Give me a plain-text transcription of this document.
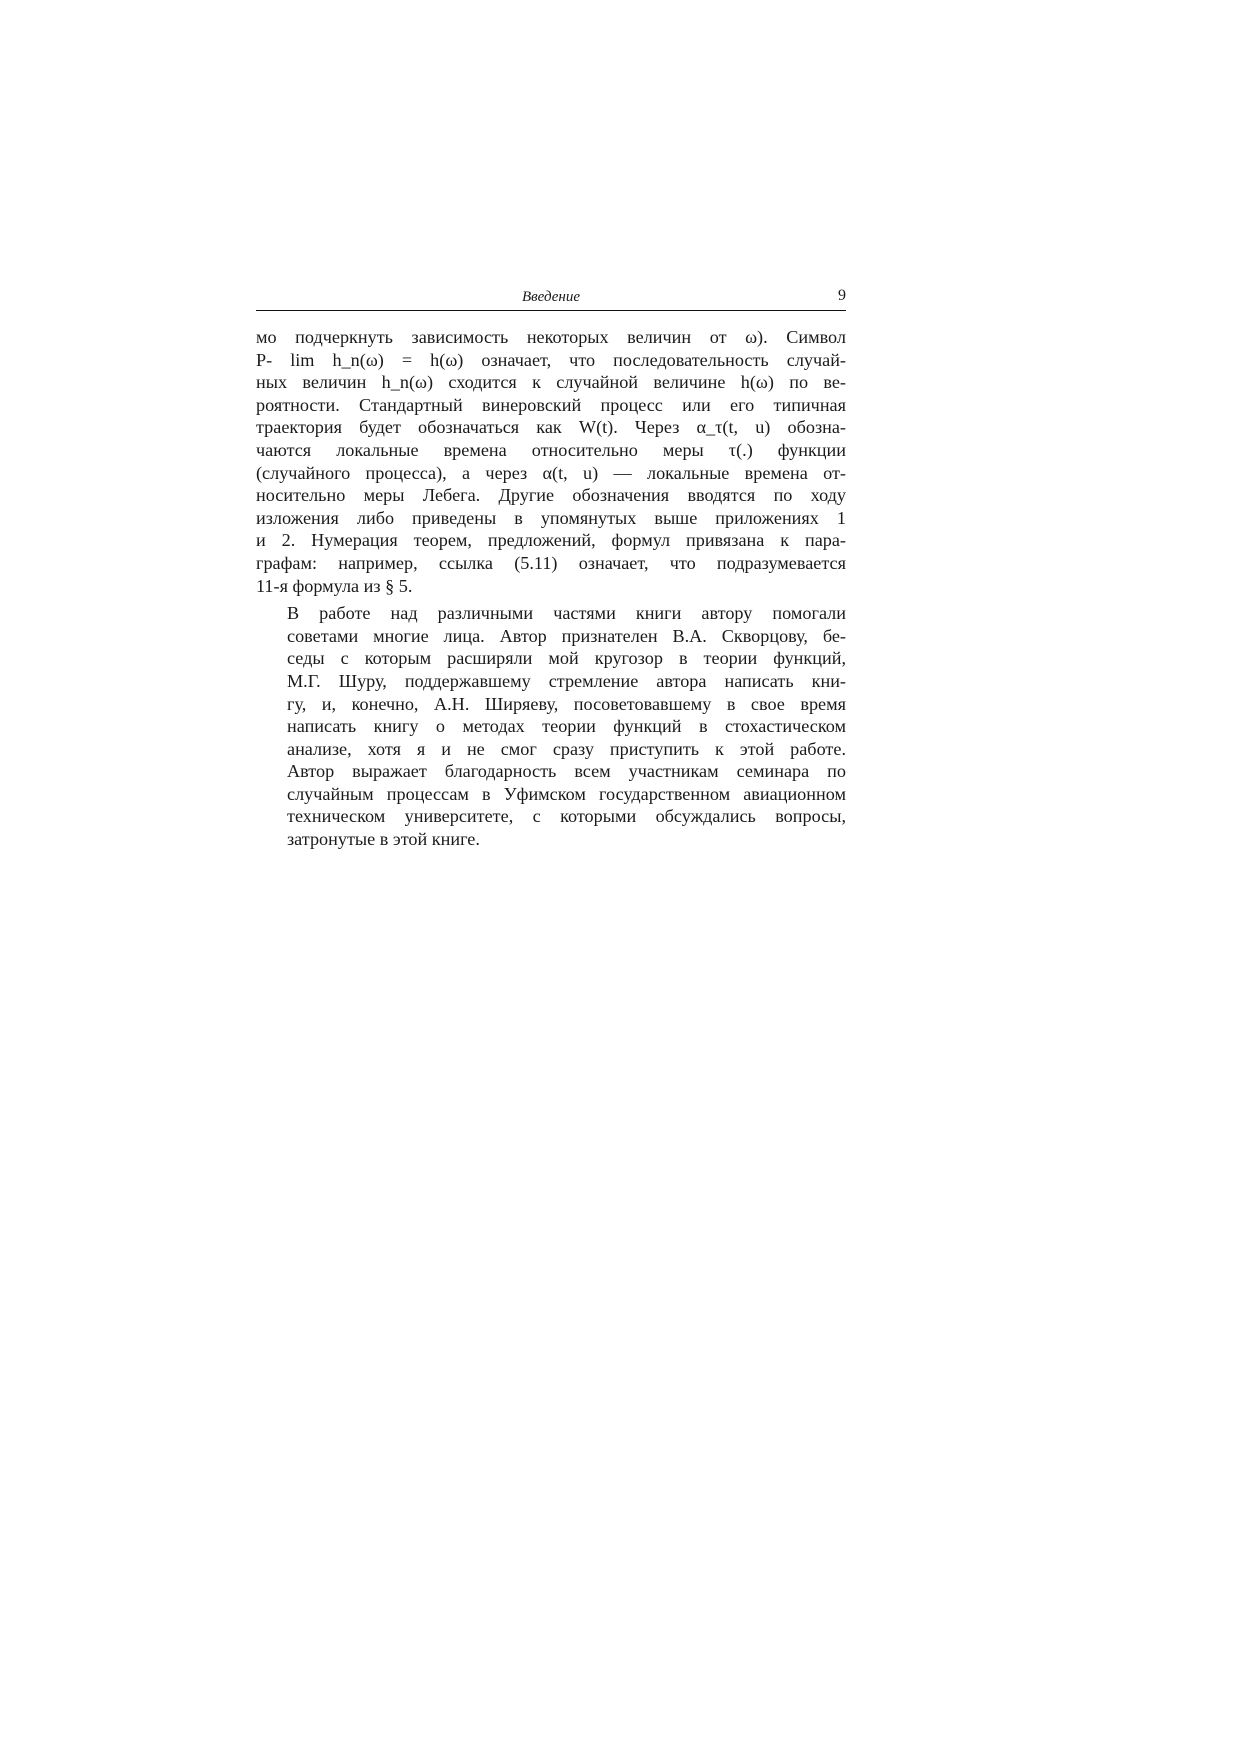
Введение	9

мо подчеркнуть зависимость некоторых величин от ω). Символ
P- lim h_n(ω) = h(ω) означает, что последовательность случай-
ных величин h_n(ω) сходится к случайной величине h(ω) по ве-
роятности. Стандартный винеровский процесс или его типичная
траектория будет обозначаться как W(t). Через α_τ(t, u) обозна-
чаются локальные времена относительно меры τ(.) функции
(случайного процесса), а через α(t, u) — локальные времена от-
носительно меры Лебега. Другие обозначения вводятся по ходу
изложения либо приведены в упомянутых выше приложениях 1
и 2. Нумерация теорем, предложений, формул привязана к пара-
графам: например, ссылка (5.11) означает, что подразумевается
11-я формула из § 5.

В работе над различными частями книги автору помогали
советами многие лица. Автор признателен В.А. Скворцову, бе-
седы с которым расширяли мой кругозор в теории функций,
М.Г. Шуру, поддержавшему стремление автора написать кни-
гу, и, конечно, А.Н. Ширяеву, посоветовавшему в свое время
написать книгу о методах теории функций в стохастическом
анализе, хотя я и не смог сразу приступить к этой работе.
Автор выражает благодарность всем участникам семинара по
случайным процессам в Уфимском государственном авиационном
техническом университете, с которыми обсуждались вопросы,
затронутые в этой книге.
